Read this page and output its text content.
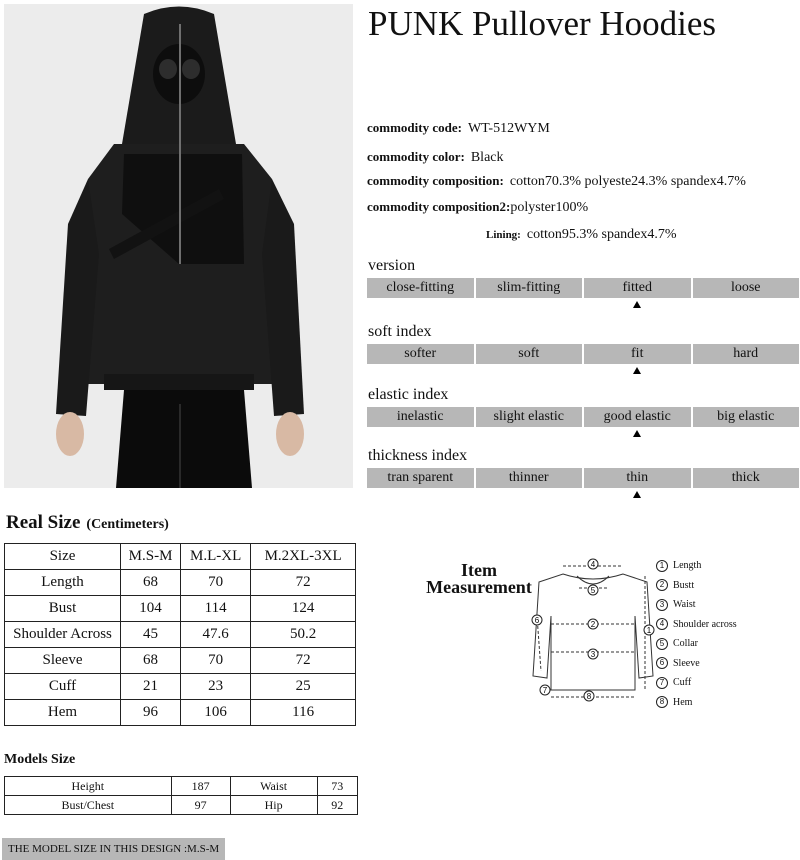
PUNK Pullover Hoodies
commodity code: WT-512WYM
commodity color: Black
commodity composition: cotton70.3% polyeste24.3% spandex4.7%
commodity composition2:polyster100%
Lining: cotton95.3% spandex4.7%
version
close-fitting	slim-fitting	fitted	loose
soft index
softer	soft	fit	hard
elastic index
inelastic	slight elastic	good elastic	big elastic
thickness index
tran sparent	thinner	thin	thick
Real Size (Centimeters)
Size	M.S-M	M.L-XL	M.2XL-3XL
Length	68	70	72
Bust	104	114	124
Shoulder Across	45	47.6	50.2
Sleeve	68	70	72
Cuff	21	23	25
Hem	96	106	116
Models Size
Height	187	Waist	73
Bust/Chest	97	Hip	92
THE MODEL SIZE IN THIS DESIGN :M.S-M
Item
Measurement
4
5
2
3
1
6
7
8
1 Length
2 Bustt
3 Waist
4 Shoulder across
5 Collar
6 Sleeve
7 Cuff
8 Hem
